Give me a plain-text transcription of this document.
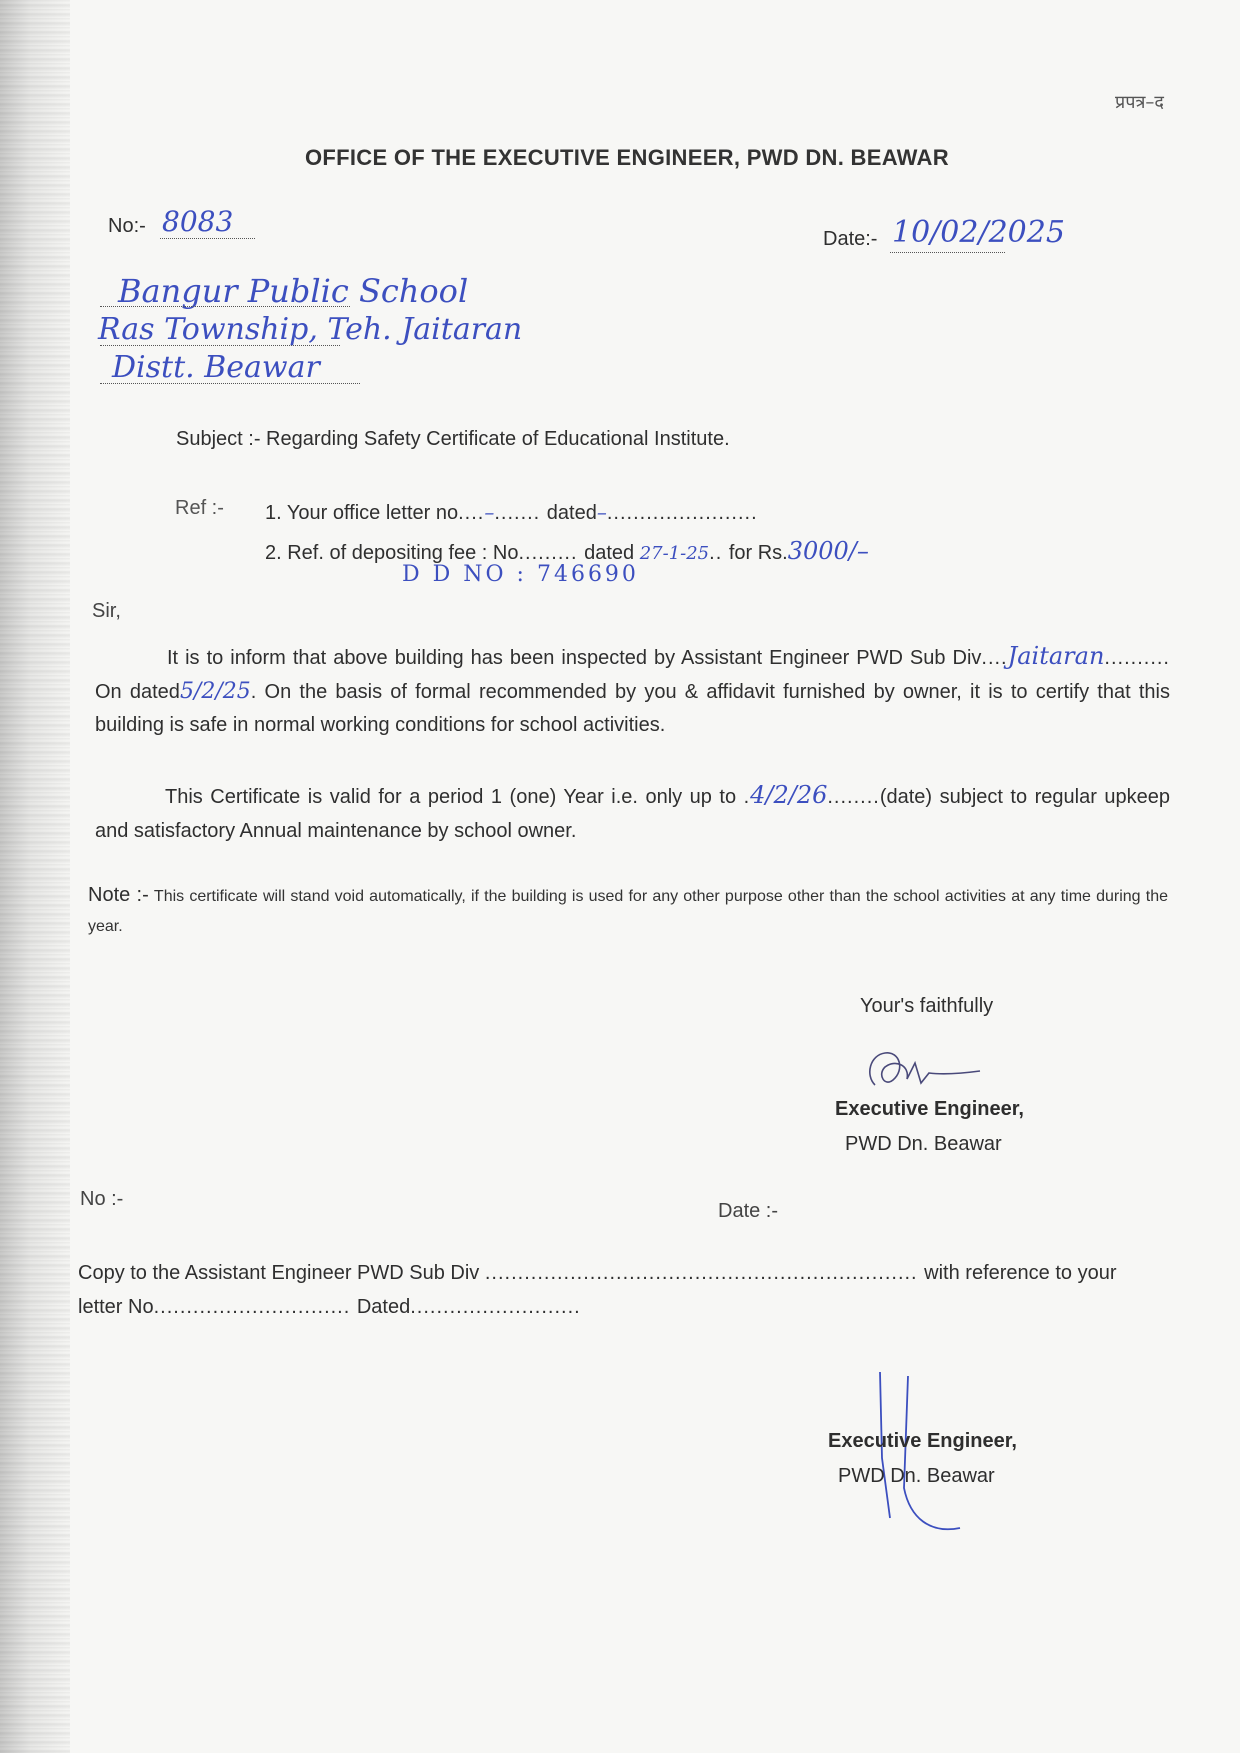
प्रपत्र–द
OFFICE OF THE EXECUTIVE ENGINEER, PWD DN. BEAWAR
No:- 8083
Date:- 10/02/2025
Bangur Public School
Ras Township, Teh. Jaitaran
Distt. Beawar
Subject :- Regarding Safety Certificate of Educational Institute.
Ref :- 1. Your office letter no....–....... dated–.......................
2. Ref. of depositing fee : No......... dated 27-1-25.. for Rs.3000/–
D D NO : 746690
Sir,
It is to inform that above building has been inspected by Assistant Engineer PWD Sub Div....Jaitaran.......... On dated5/2/25. On the basis of formal recommended by you & affidavit furnished by owner, it is to certify that this building is safe in normal working conditions for school activities.
This Certificate is valid for a period 1 (one) Year i.e. only up to .4/2/26........(date) subject to regular upkeep and satisfactory Annual maintenance by school owner.
Note :- This certificate will stand void automatically, if the building is used for any other purpose other than the school activities at any time during the year.
Your's faithfully
Executive Engineer,
PWD Dn. Beawar
No :-
Date :-
Copy to the Assistant Engineer PWD Sub Div .................................................................. with reference to your
letter No.............................. Dated..........................
Executive Engineer,
PWD Dn. Beawar
